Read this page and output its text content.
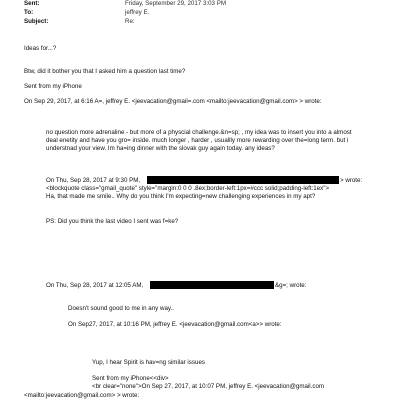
Sent:	Friday, September 29, 2017 3:03 PM
To:	jeffrey E.
Subject:	Re:
Ideas for...?
Btw, did it bother you that I asked him a question last time?
Sent from my iPhone
On Sep 29, 2017, at 6:16 A=, jeffrey E. <jeevacation@gmail=.com <mailto:jeevacation@gmail.com> > wrote:
no question more adrenaline - but more of a physcial challenge.&n=sp; , my idea was to insert you into a almost
deal enetity and have you gro= inside. much longer , harder , usuallly more rewarding over the=long term. but i
understnad your view. Im ha=ing dinner with the slovak guy again today. any ideas?
On Thu, Sep 28, 2017 at 9:30 PM,	> wrote:
<blockquote class="gmail_quote" style="margin:0 0 0 .8ex;border-left:1px=#ccc solid;padding-left:1ex">
Ha, that made me smile.. Why do you think I'm expecting=new challenging experiences in my apt?
PS: Did you think the last video I sent was f=ke?
On Thu, Sep 28, 2017 at 12:05 AM,	&g=; wrote:
Doesn't sound good to me in any way..
On Sep27, 2017, at 10:16 PM, jeffrey E. <jeevacation@gmail.com<a>> wrote:
Yup, I hear Spirit is hav=ng similar issues
Sent from my iPhone<<div>
<br clear="none">On Sep 27, 2017, at 10:07 PM, jeffrey E. <jeevacation@gmail.com
<mailto:jeevacation@gmail.com> > wrote:
